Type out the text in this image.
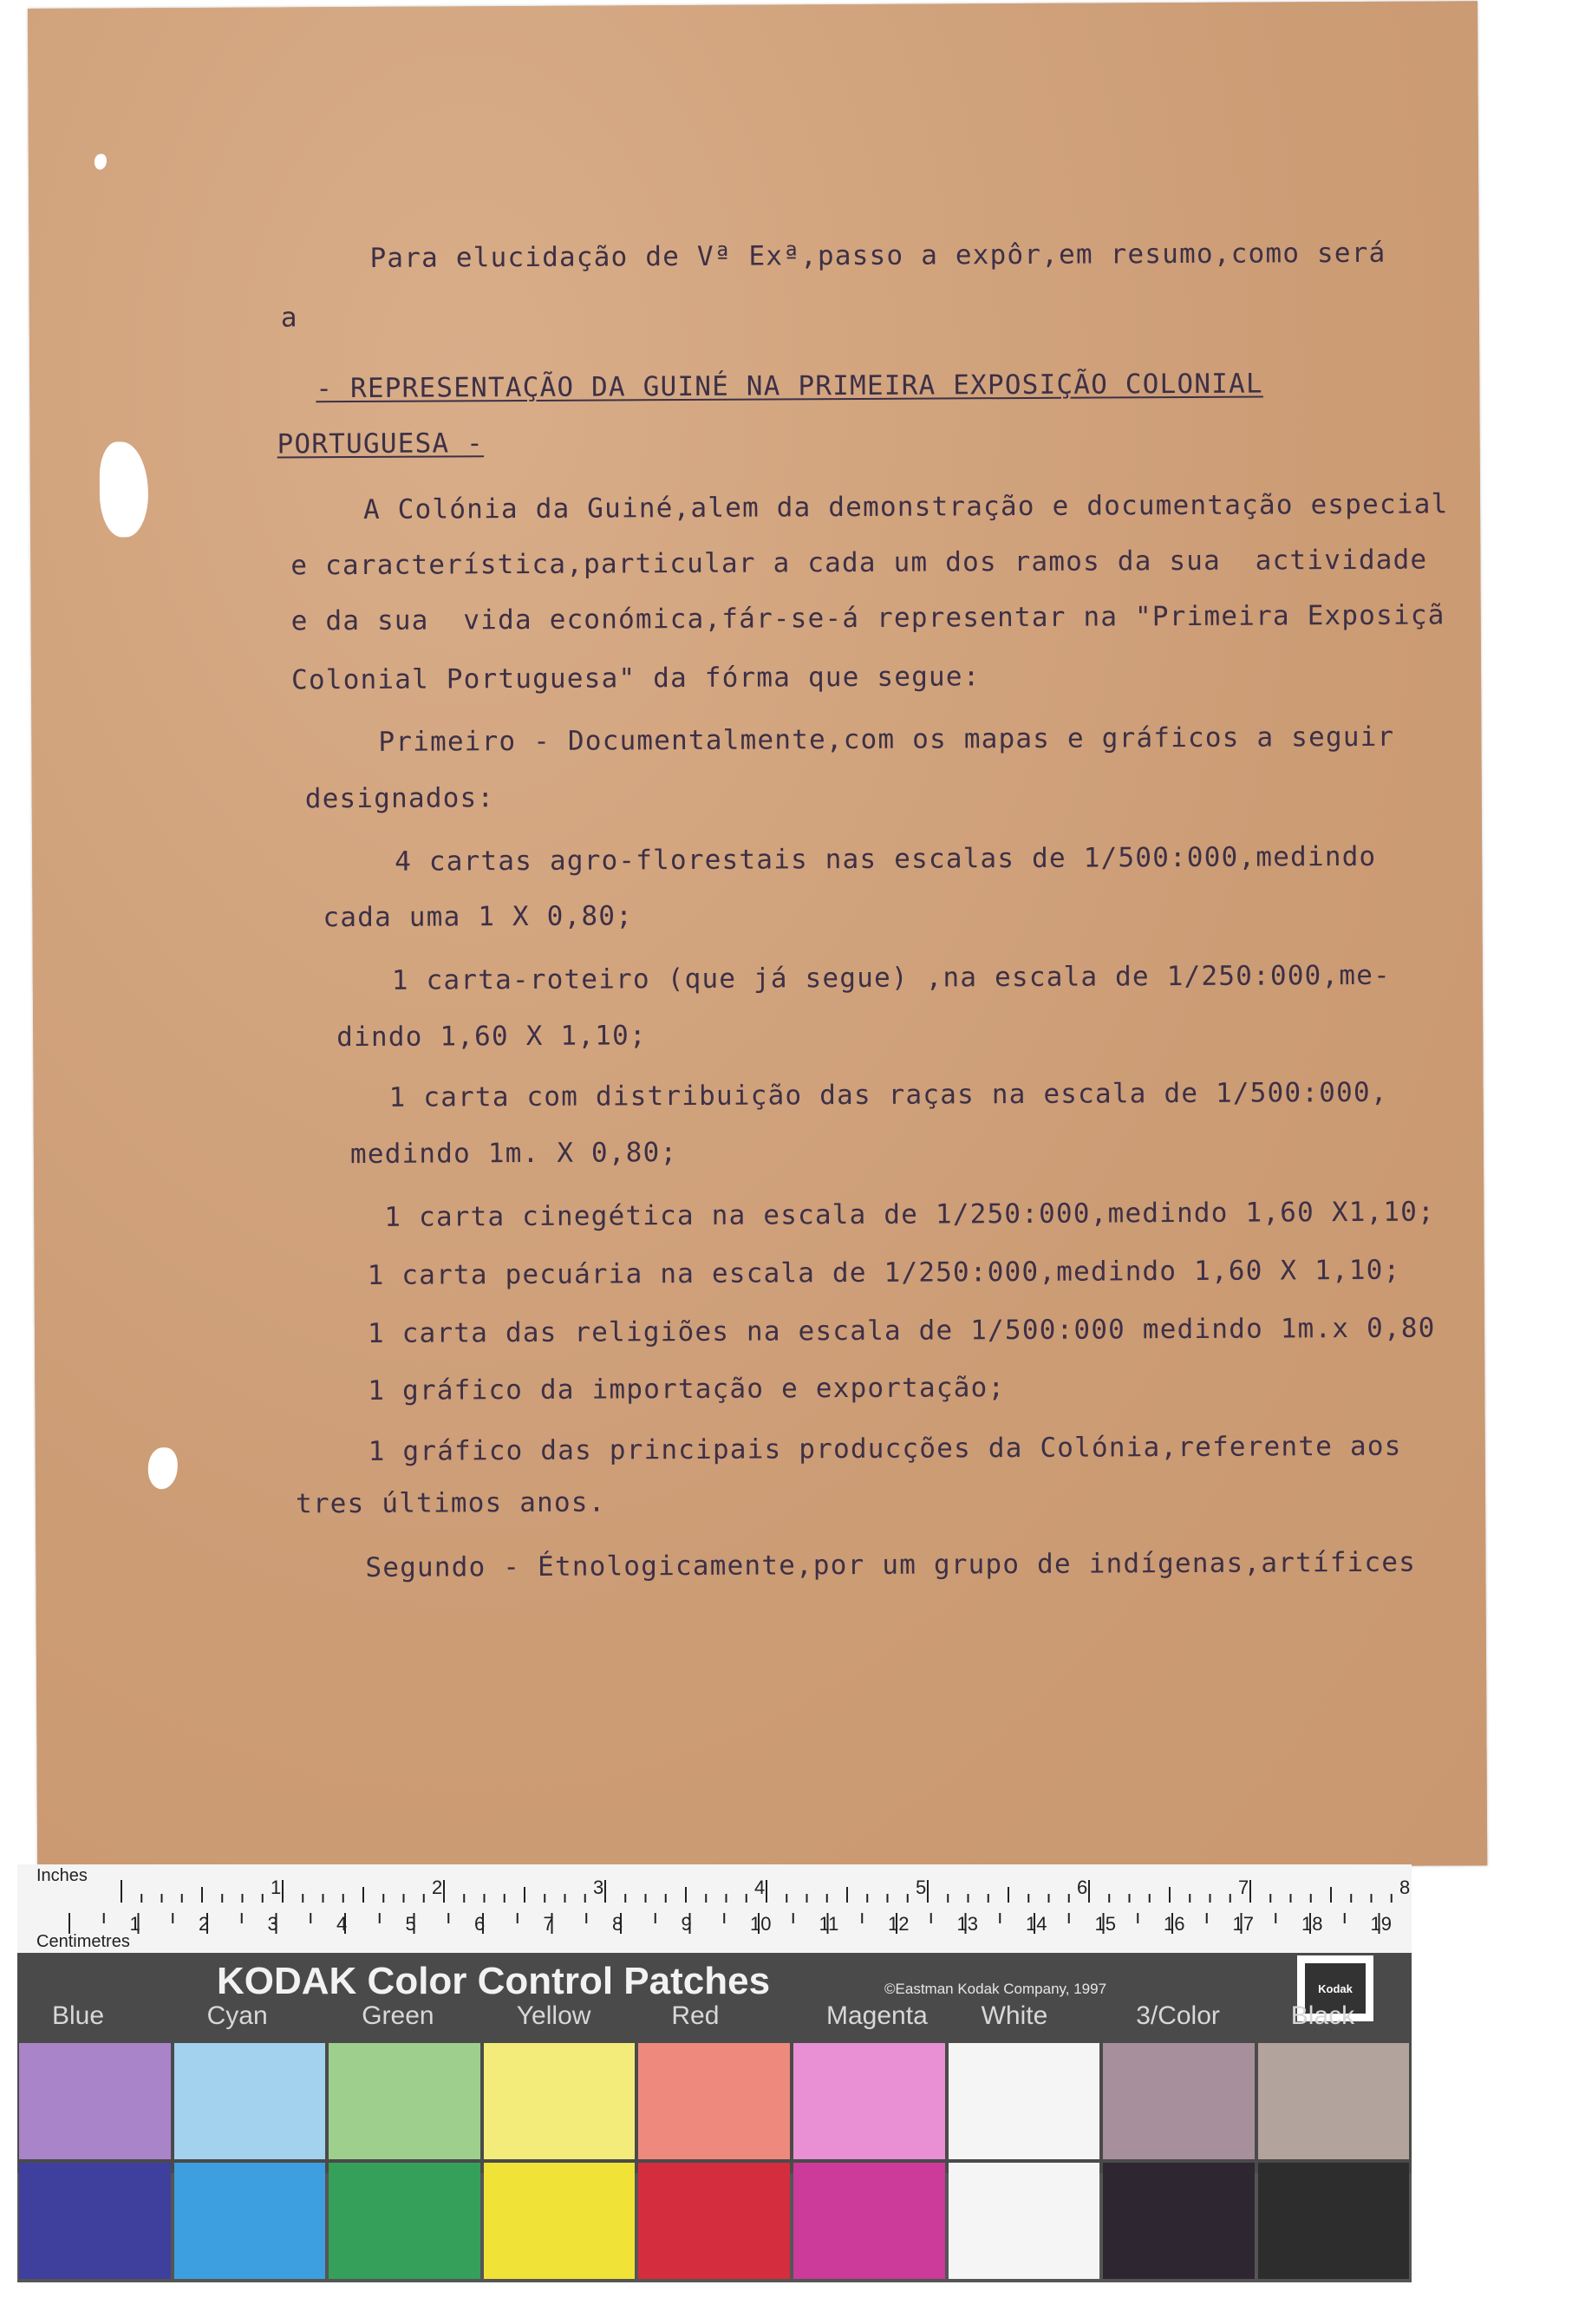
Para elucidação de Vª Exª,passo a expôr,em resumo,como será
a
- REPRESENTAÇÃO DA GUINÉ NA PRIMEIRA EXPOSIÇÃO COLONIAL
PORTUGUESA -
A Colónia da Guiné,alem da demonstração e documentação especial
e característica,particular a cada um dos ramos da sua  actividade
e da sua  vida económica,fár-se-á representar na "Primeira Exposiçã
Colonial Portuguesa" da fórma que segue:
Primeiro - Documentalmente,com os mapas e gráficos a seguir
designados:
4 cartas agro-florestais nas escalas de 1/500:000,medindo
cada uma 1 X 0,80;
1 carta-roteiro (que já segue) ,na escala de 1/250:000,me-
dindo 1,60 X 1,10;
1 carta com distribuição das raças na escala de 1/500:000,
medindo 1m. X 0,80;
1 carta cinegética na escala de 1/250:000,medindo 1,60 X1,10;
1 carta pecuária na escala de 1/250:000,medindo 1,60 X 1,10;
1 carta das religiões na escala de 1/500:000 medindo 1m.x 0,80
1 gráfico da importação e exportação;
1 gráfico das principais producções da Colónia,referente aos
tres últimos anos.
Segundo - Étnologicamente,por um grupo de indígenas,artífices
Inches
Centimetres
1	2	3	4	5	6	7	8
1	2	3	4	5	6	7	8	9	10	11	12	13	14	15	16	17	18	19
KODAK Color Control Patches	©Eastman Kodak Company, 1997	Kodak
Blue	Cyan	Green	Yellow	Red	Magenta White	3/Color	Black
